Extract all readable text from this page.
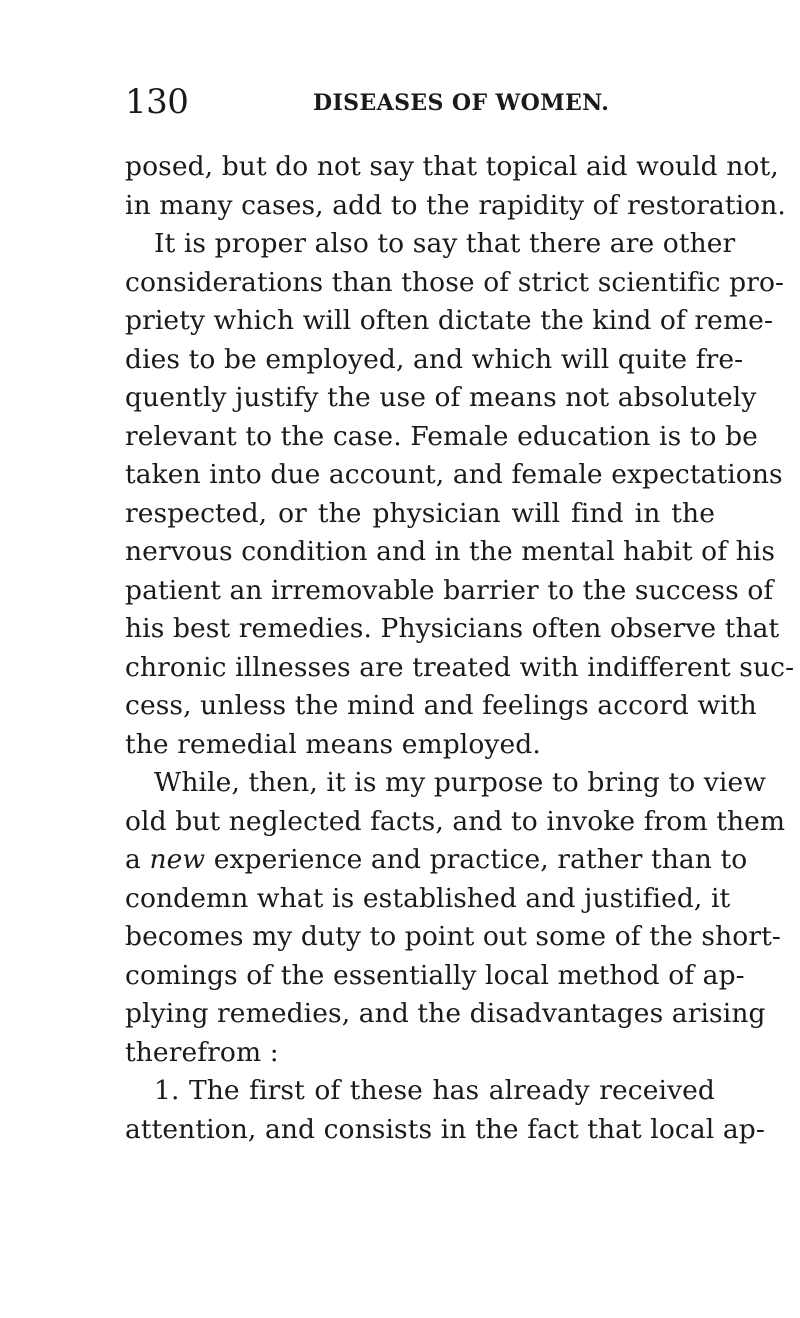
130	DISEASES OF WOMEN.
posed, but do not say that topical aid would not,
in many cases, add to the rapidity of restoration.
It is proper also to say that there are other
considerations than those of strict scientific pro-
priety which will often dictate the kind of reme-
dies to be employed, and which will quite fre-
quently justify the use of means not absolutely
relevant to the case. Female education is to be
taken into due account, and female expectations
respected, or the physician will find in the
nervous condition and in the mental habit of his
patient an irremovable barrier to the success of
his best remedies. Physicians often observe that
chronic illnesses are treated with indifferent suc-
cess, unless the mind and feelings accord with
the remedial means employed.
While, then, it is my purpose to bring to view
old but neglected facts, and to invoke from them
a new experience and practice, rather than to
condemn what is established and justified, it
becomes my duty to point out some of the short-
comings of the essentially local method of ap-
plying remedies, and the disadvantages arising
therefrom :
1. The first of these has already received
attention, and consists in the fact that local ap-
